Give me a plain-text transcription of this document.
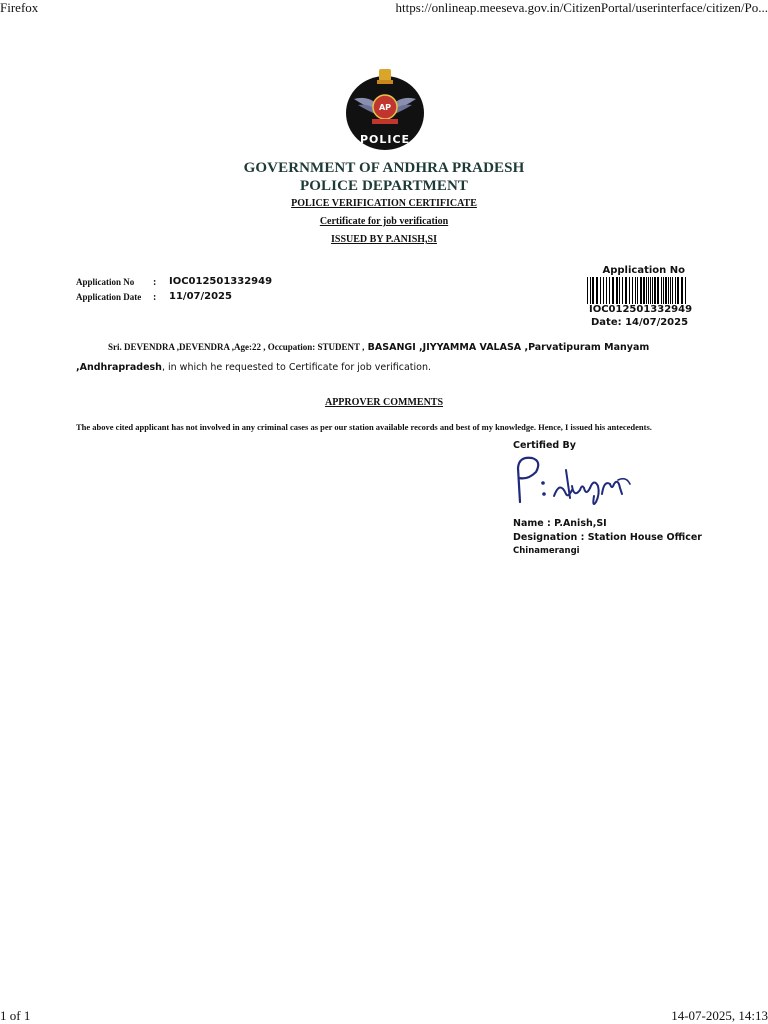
Firefox	https://onlineap.meeseva.gov.in/CitizenPortal/userinterface/citizen/Po...
1 of 1	14-07-2025, 14:13
AP
POLICE
GOVERNMENT OF ANDHRA PRADESH
POLICE DEPARTMENT
POLICE VERIFICATION CERTIFICATE
Certificate for job verification
ISSUED BY P.ANISH,SI
Application No : IOC012501332949
Application Date : 11/07/2025
Application No
IOC012501332949
Date: 14/07/2025
Sri. DEVENDRA ,DEVENDRA ,Age:22 , Occupation: STUDENT , BASANGI ,JIYYAMMA VALASA ,Parvatipuram Manyam
,Andhrapradesh, in which he requested to Certificate for job verification.
APPROVER COMMENTS
The above cited applicant has not involved in any criminal cases as per our station available records and best of my knowledge. Hence, I issued his antecedents.
Certified By
Name : P.Anish,SI
Designation : Station House Officer
Chinamerangi
